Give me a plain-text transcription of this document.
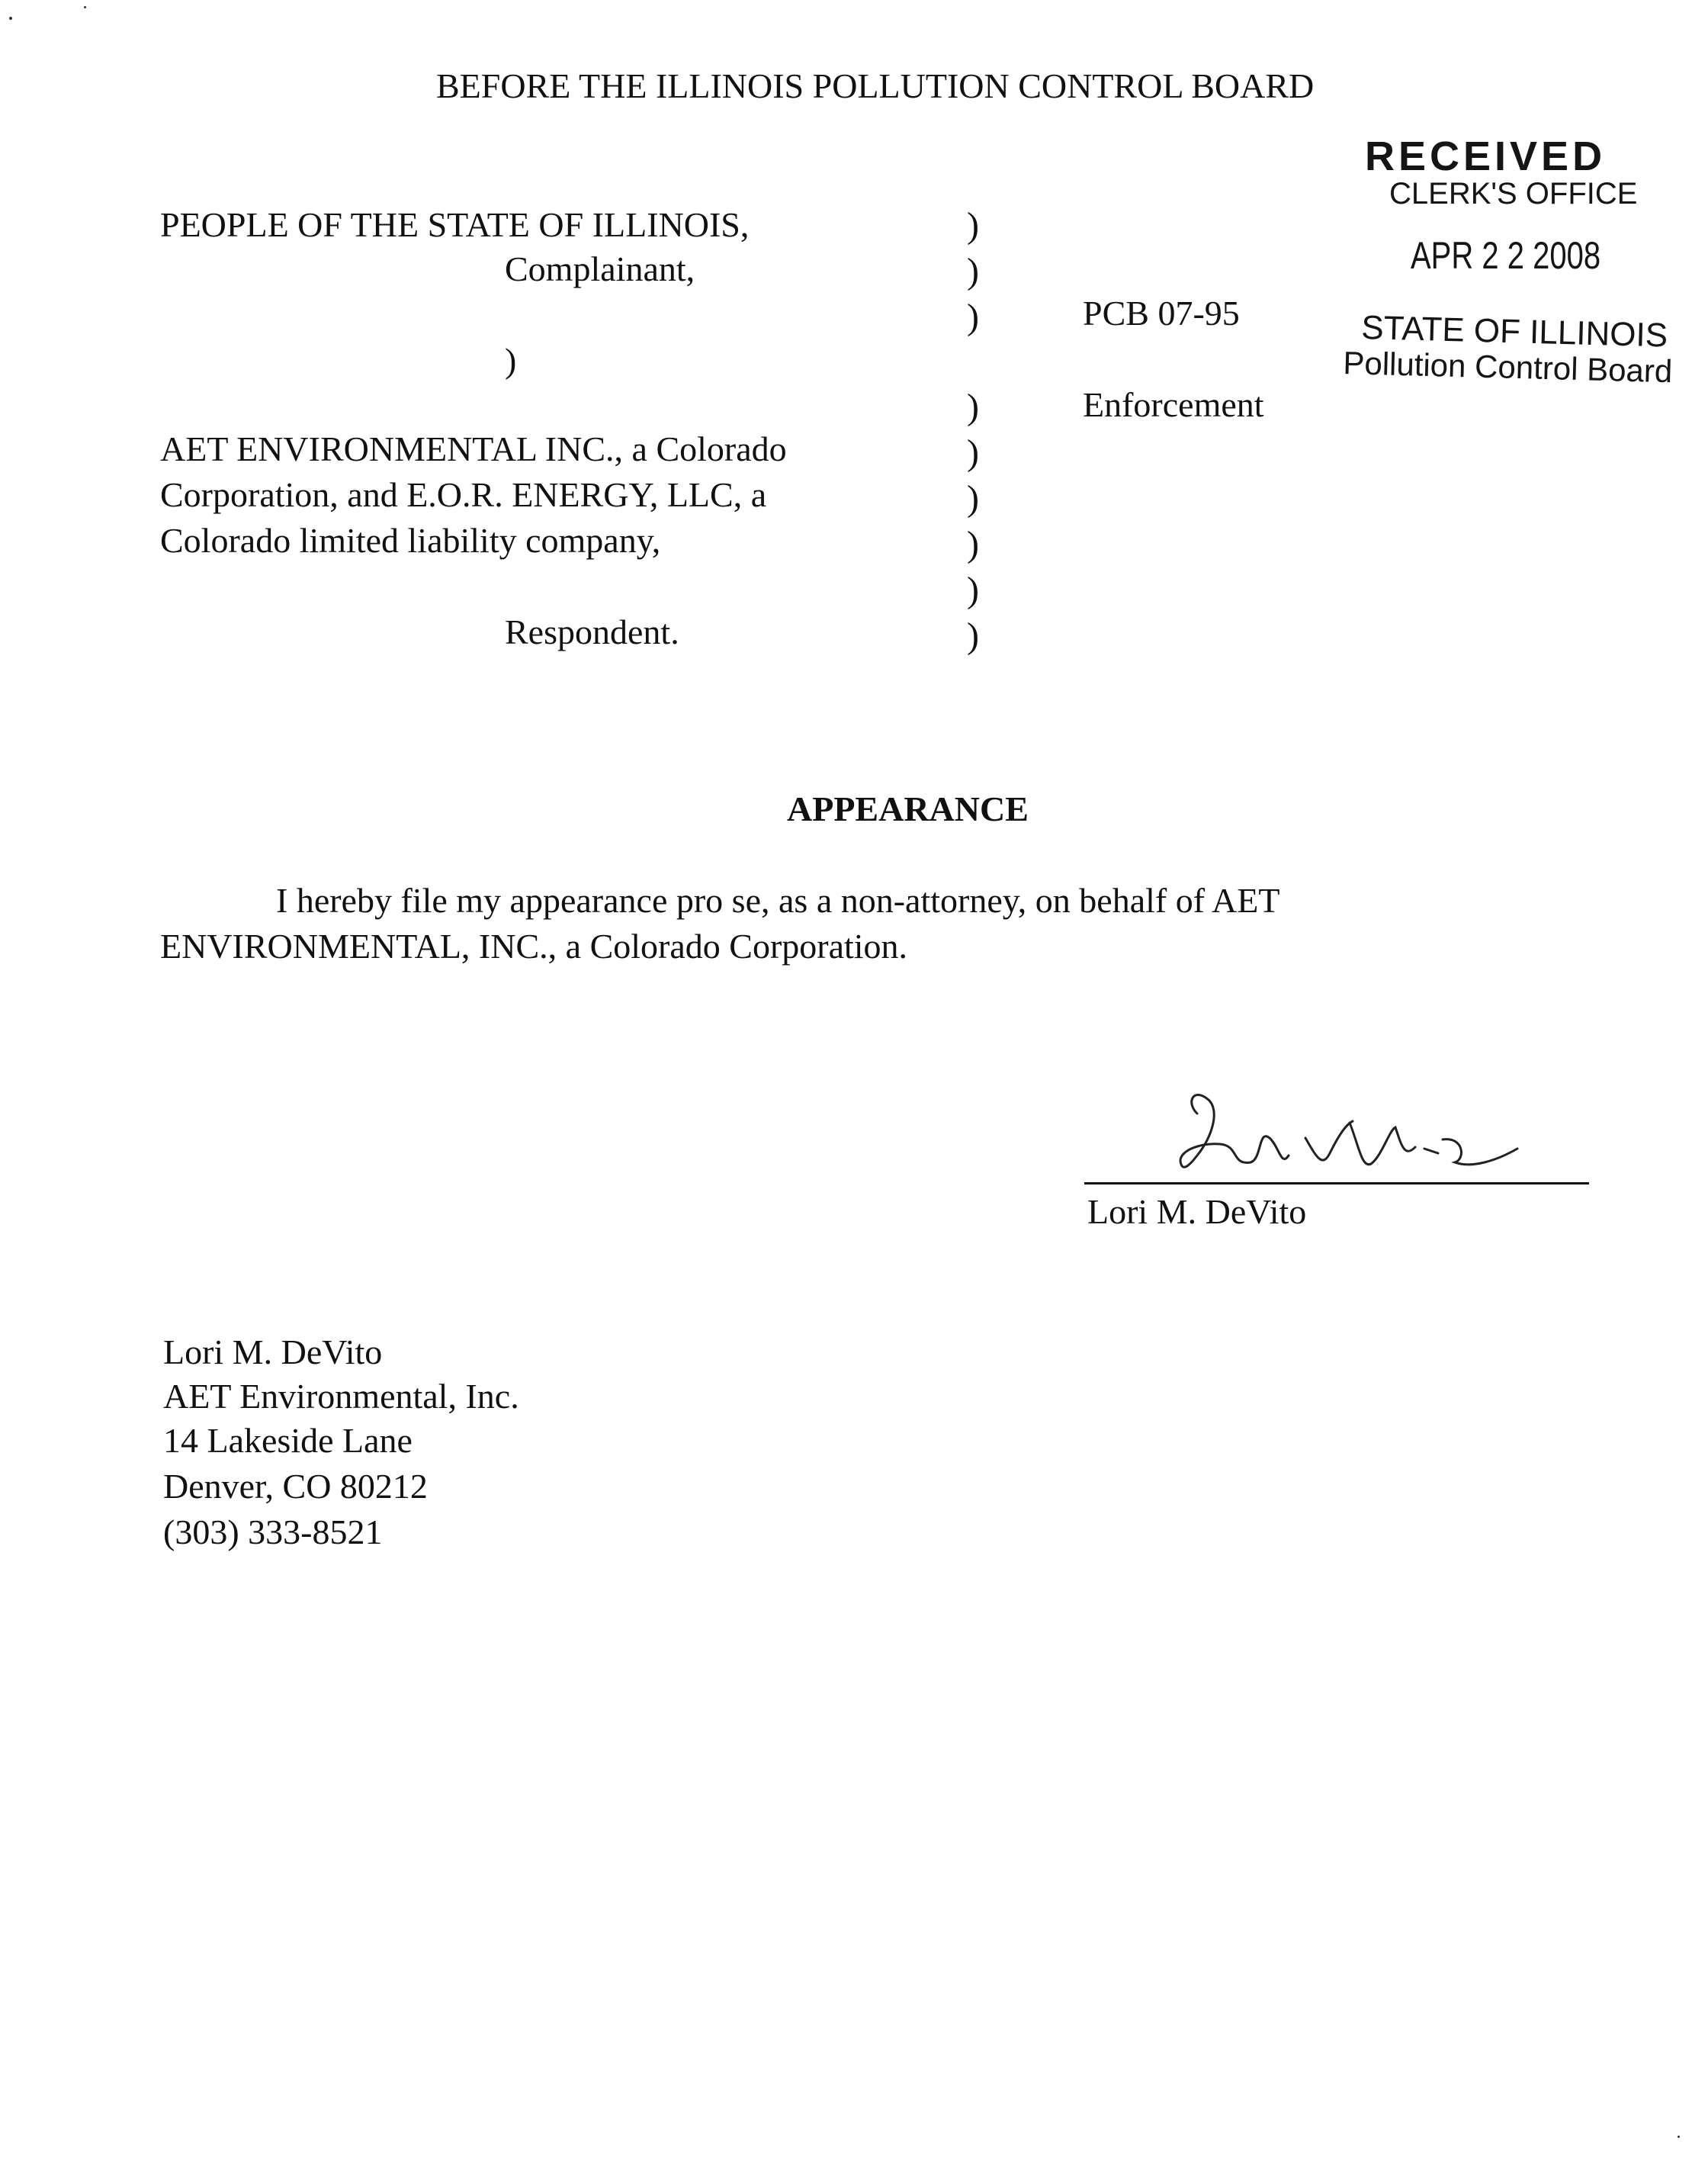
BEFORE THE ILLINOIS POLLUTION CONTROL BOARD
RECEIVED
CLERK'S OFFICE
APR 2 2 2008
STATE OF ILLINOIS
Pollution Control Board
PEOPLE OF THE STATE OF ILLINOIS,
Complainant,
)
AET ENVIRONMENTAL INC., a Colorado
Corporation, and E.O.R. ENERGY, LLC, a
Colorado limited liability company,
Respondent.
)
)
)
)
)
)
)
)
)
PCB 07-95
Enforcement
APPEARANCE
I hereby file my appearance pro se, as a non-attorney, on behalf of AET
ENVIRONMENTAL, INC., a Colorado Corporation.
Lori M. DeVito
Lori M. DeVito
AET Environmental, Inc.
14 Lakeside Lane
Denver, CO 80212
(303) 333-8521
